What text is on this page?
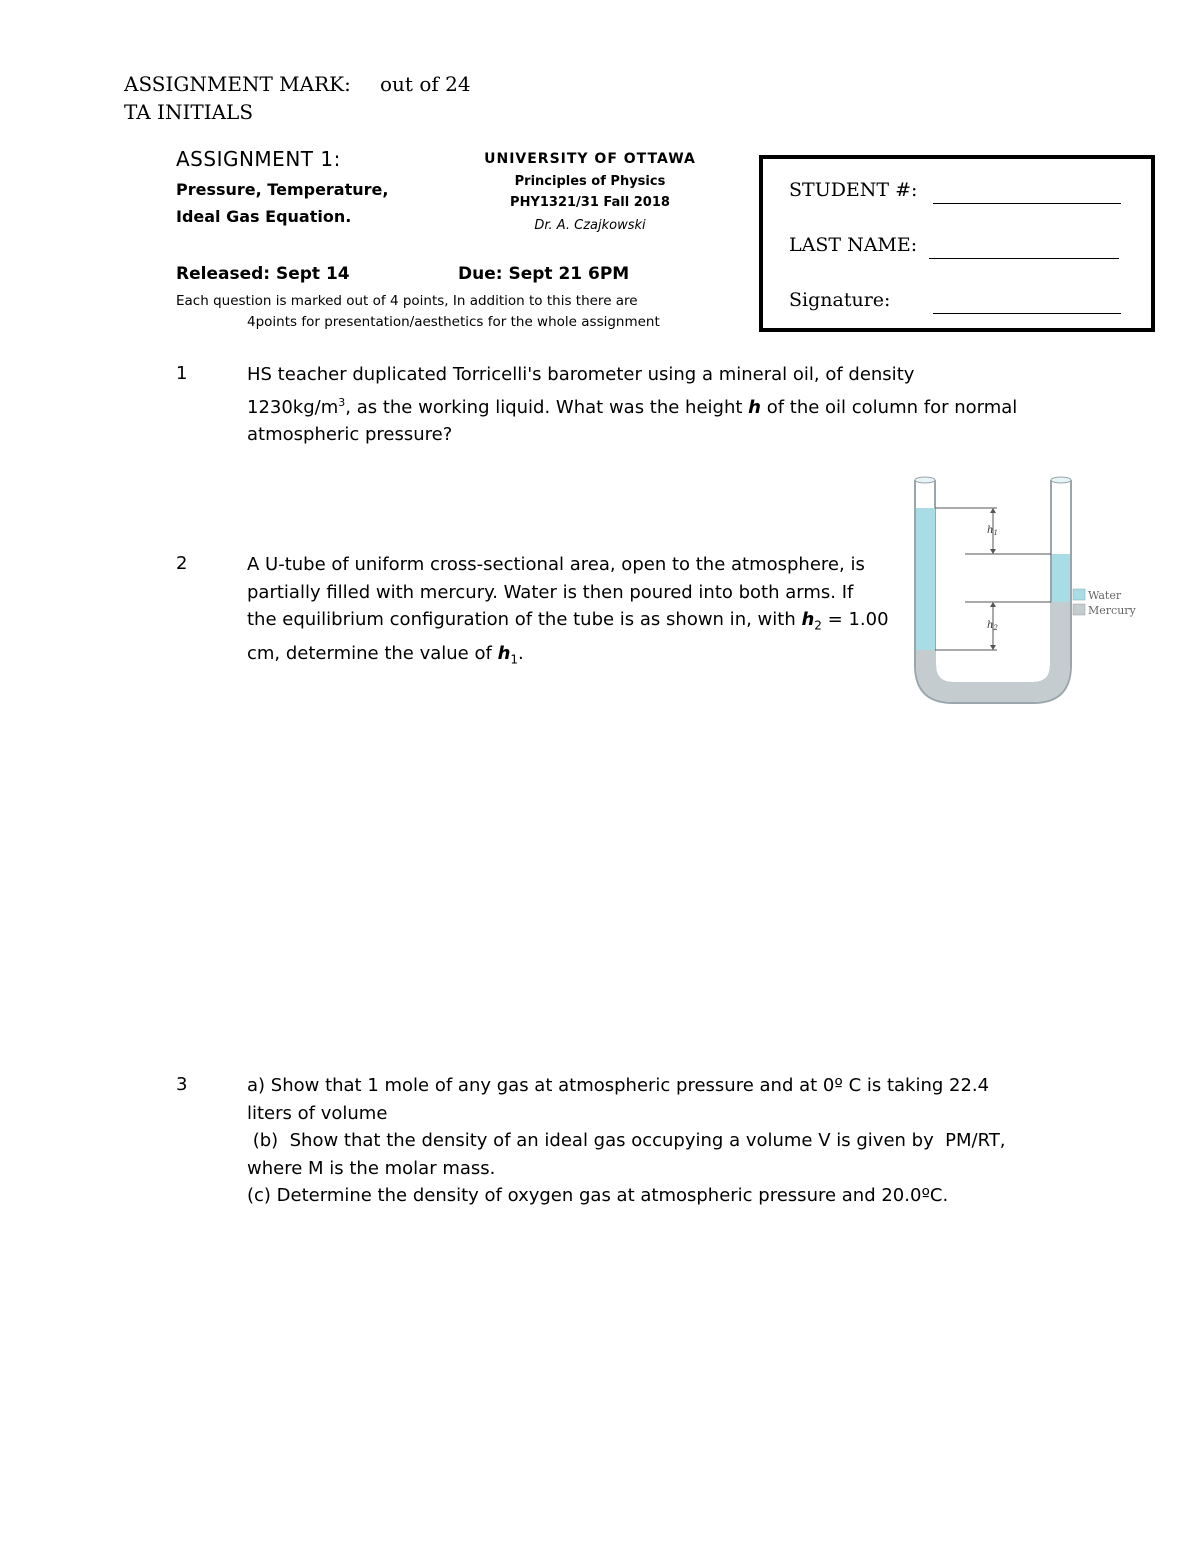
ASSIGNMENT MARK: out of 24
TA INITIALS
ASSIGNMENT 1:
Pressure, Temperature,
Ideal Gas Equation.
UNIVERSITY OF OTTAWA
Principles of Physics
PHY1321/31 Fall 2018
Dr. A. Czajkowski
Released: Sept 14	Due: Sept 21 6PM
Each question is marked out of 4 points, In addition to this there are
4points for presentation/aesthetics for the whole assignment
STUDENT #:
LAST NAME:
Signature:
1	HS teacher duplicated Torricelli's barometer using a mineral oil, of density

$1230kg/m^3$, as the working liquid. What was the height h of the oil column for normal

atmospheric pressure?

2	A U-tube of uniform cross-sectional area, open to the atmosphere, is

partially filled with mercury. Water is then poured into both arms. If

the equilibrium configuration of the tube is as shown in, with $h_2 = 1.00$

cm, determine the value of $h_1$.

$h_1$
$h_2$
Water
Mercury
3	a) Show that 1 mole of any gas at atmospheric pressure and at 0º C is taking 22.4

liters of volume

(b)  Show that the density of an ideal gas occupying a volume V is given by  PM/RT,

where M is the molar mass.

(c) Determine the density of oxygen gas at atmospheric pressure and 20.0ºC.
